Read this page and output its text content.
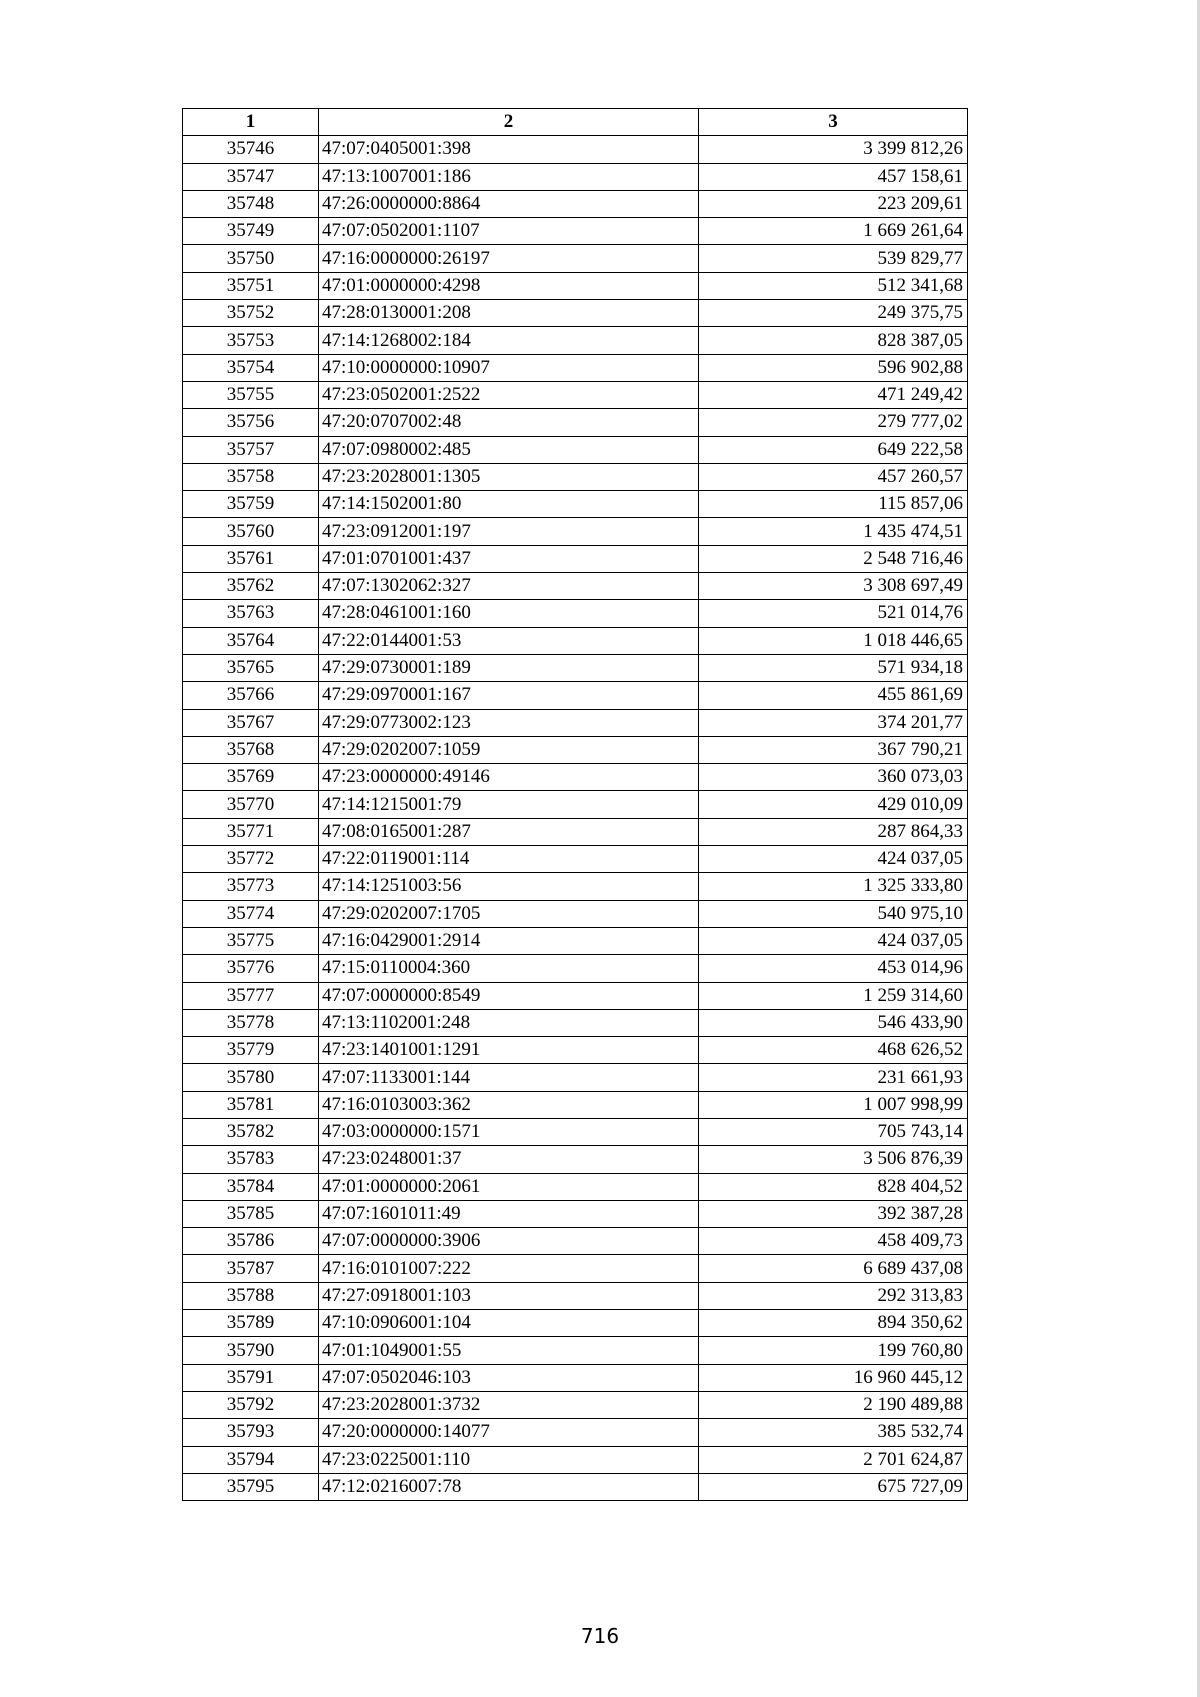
1	2	3
35746	47:07:0405001:398	3 399 812,26
35747	47:13:1007001:186	457 158,61
35748	47:26:0000000:8864	223 209,61
35749	47:07:0502001:1107	1 669 261,64
35750	47:16:0000000:26197	539 829,77
35751	47:01:0000000:4298	512 341,68
35752	47:28:0130001:208	249 375,75
35753	47:14:1268002:184	828 387,05
35754	47:10:0000000:10907	596 902,88
35755	47:23:0502001:2522	471 249,42
35756	47:20:0707002:48	279 777,02
35757	47:07:0980002:485	649 222,58
35758	47:23:2028001:1305	457 260,57
35759	47:14:1502001:80	115 857,06
35760	47:23:0912001:197	1 435 474,51
35761	47:01:0701001:437	2 548 716,46
35762	47:07:1302062:327	3 308 697,49
35763	47:28:0461001:160	521 014,76
35764	47:22:0144001:53	1 018 446,65
35765	47:29:0730001:189	571 934,18
35766	47:29:0970001:167	455 861,69
35767	47:29:0773002:123	374 201,77
35768	47:29:0202007:1059	367 790,21
35769	47:23:0000000:49146	360 073,03
35770	47:14:1215001:79	429 010,09
35771	47:08:0165001:287	287 864,33
35772	47:22:0119001:114	424 037,05
35773	47:14:1251003:56	1 325 333,80
35774	47:29:0202007:1705	540 975,10
35775	47:16:0429001:2914	424 037,05
35776	47:15:0110004:360	453 014,96
35777	47:07:0000000:8549	1 259 314,60
35778	47:13:1102001:248	546 433,90
35779	47:23:1401001:1291	468 626,52
35780	47:07:1133001:144	231 661,93
35781	47:16:0103003:362	1 007 998,99
35782	47:03:0000000:1571	705 743,14
35783	47:23:0248001:37	3 506 876,39
35784	47:01:0000000:2061	828 404,52
35785	47:07:1601011:49	392 387,28
35786	47:07:0000000:3906	458 409,73
35787	47:16:0101007:222	6 689 437,08
35788	47:27:0918001:103	292 313,83
35789	47:10:0906001:104	894 350,62
35790	47:01:1049001:55	199 760,80
35791	47:07:0502046:103	16 960 445,12
35792	47:23:2028001:3732	2 190 489,88
35793	47:20:0000000:14077	385 532,74
35794	47:23:0225001:110	2 701 624,87
35795	47:12:0216007:78	675 727,09
716
